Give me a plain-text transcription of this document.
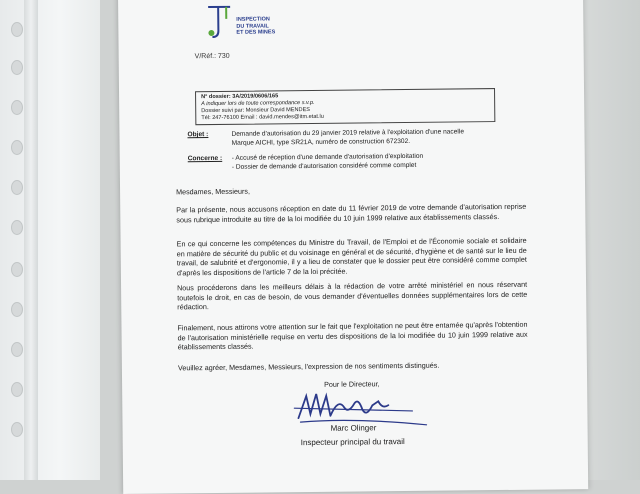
INSPECTION
DU TRAVAIL
ET DES MINES
V/Réf.: 730
N° dossier: 3A/2019/0606/165
A indiquer lors de toute correspondance s.v.p.
Dossier suivi par: Monsieur David MENDES
Tél: 247-76100 Email : david.mendes@itm.etat.lu
Objet :	Demande d'autorisation du 29 janvier 2019 relative à l'exploitation d'une nacelle
Marque AICHI, type SR21A, numéro de construction 672302.
Concerne : - Accusé de réception d'une demande d'autorisation d'exploitation
- Dossier de demande d'autorisation considéré comme complet
Mesdames, Messieurs,
Par la présente, nous accusons réception en date du 11 février 2019 de votre demande d'autorisation reprise sous rubrique introduite au titre de la loi modifiée du 10 juin 1999 relative aux établissements classés.
En ce qui concerne les compétences du Ministre du Travail, de l'Emploi et de l'Économie sociale et solidaire en matière de sécurité du public et du voisinage en général et de sécurité, d'hygiène et de santé sur le lieu de travail, de salubrité et d'ergonomie, il y a lieu de constater que le dossier peut être considéré comme complet d'après les dispositions de l'article 7 de la loi précitée.
Nous procéderons dans les meilleurs délais à la rédaction de votre arrêté ministériel en nous réservant toutefois le droit, en cas de besoin, de vous demander d'éventuelles données supplémentaires lors de cette rédaction.
Finalement, nous attirons votre attention sur le fait que l'exploitation ne peut être entamée qu'après l'obtention de l'autorisation ministérielle requise en vertu des dispositions de la loi modifiée du 10 juin 1999 relative aux établissements classés.
Veuillez agréer, Mesdames, Messieurs, l'expression de nos sentiments distingués.
Pour le Directeur,
Marc Olinger
Inspecteur principal du travail
